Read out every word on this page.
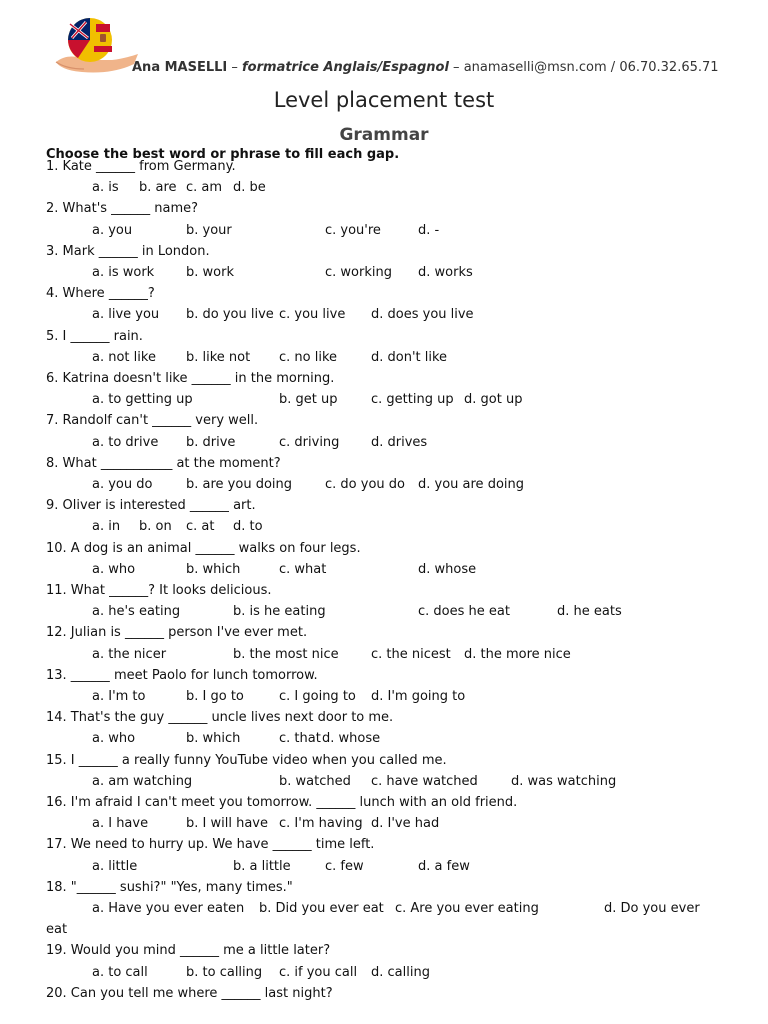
Ana MASELLI – formatrice Anglais/Espagnol – anamaselli@msn.com / 06.70.32.65.71
Level placement test
Grammar
Choose the best word or phrase to fill each gap.
1. Kate ______ from Germany.
a. is b. are c. am d. be
2. What's ______ name?
a. you	b. your	c. you're	d. -
3. Mark ______ in London.
a. is work b. work	c. working d. works
4. Where ______?
a. live you b. do you live c. you live d. does you live
5. I ______ rain.
a. not like b. like not c. no like	d. don't like
6. Katrina doesn't like ______ in the morning.
a. to getting up	b. get up	c. getting up d. got up
7. Randolf can't ______ very well.
a. to drive b. drive	c. driving d. drives
8. What ___________ at the moment?
a. you do	b. are you doing	c. do you do d. you are doing
9. Oliver is interested ______ art.
a. in b. on c. at d. to
10. A dog is an animal ______ walks on four legs.
a. who	b. which	c. what	d. whose
11. What ______? It looks delicious.
a. he's eating	b. is he eating	c. does he eat	d. he eats
12. Julian is ______ person I've ever met.
a. the nicer	b. the most nice c. the nicest d. the more nice
13. ______ meet Paolo for lunch tomorrow.
a. I'm to	b. I go to	c. I going to d. I'm going to
14. That's the guy ______ uncle lives next door to me.
a. who	b. which	c. that d. whose
15. I ______ a really funny YouTube video when you called me.
a. am watching	b. watched c. have watched	d. was watching
16. I'm afraid I can't meet you tomorrow. ______ lunch with an old friend.
a. I have	b. I will have c. I'm having d. I've had
17. We need to hurry up. We have ______ time left.
a. little	b. a little	c. few	d. a few
18. "______ sushi?" "Yes, many times."
a. Have you ever eaten b. Did you ever eat c. Are you ever eating	d. Do you ever
eat
19. Would you mind ______ me a little later?
a. to call	b. to calling c. if you call d. calling
20. Can you tell me where ______ last night?
